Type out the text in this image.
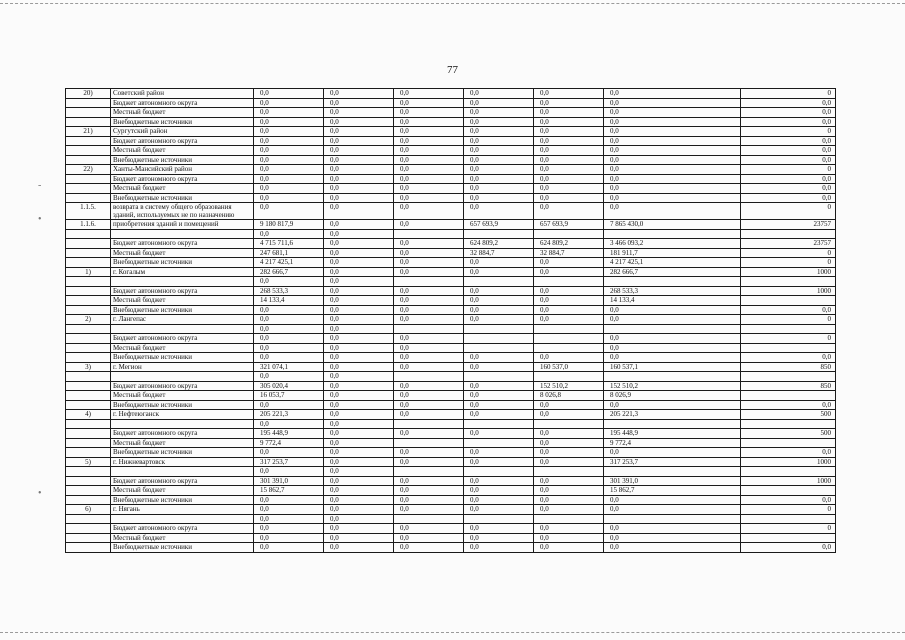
77
-
•
•
20)	Советский район	0,0	0,0	0,0	0,0	0,0	0,0	0
	Бюджет автономного округа	0,0	0,0	0,0	0,0	0,0	0,0	0,0
	Местный бюджет	0,0	0,0	0,0	0,0	0,0	0,0	0,0
	Внебюджетные источники	0,0	0,0	0,0	0,0	0,0	0,0	0,0
21)	Сургутский район	0,0	0,0	0,0	0,0	0,0	0,0	0
	Бюджет автономного округа	0,0	0,0	0,0	0,0	0,0	0,0	0,0
	Местный бюджет	0,0	0,0	0,0	0,0	0,0	0,0	0,0
	Внебюджетные источники	0,0	0,0	0,0	0,0	0,0	0,0	0,0
22)	Ханты-Мансийский район	0,0	0,0	0,0	0,0	0,0	0,0	0
	Бюджет автономного округа	0,0	0,0	0,0	0,0	0,0	0,0	0,0
	Местный бюджет	0,0	0,0	0,0	0,0	0,0	0,0	0,0
	Внебюджетные источники	0,0	0,0	0,0	0,0	0,0	0,0	0,0
1.1.5.	возврата в систему общего образования зданий, используемых не по назначению	0,0	0,0	0,0	0,0	0,0	0,0	0
1.1.6.	приобретения зданий и помещений	9 180 817,9	0,0	0,0	657 693,9	657 693,9	7 865 430,0	23757
		0,0	0,0					
	Бюджет автономного округа	4 715 711,6	0,0	0,0	624 809,2	624 809,2	3 466 093,2	23757
	Местный бюджет	247 681,1	0,0	0,0	32 884,7	32 884,7	181 911,7	0
	Внебюджетные источники	4 217 425,1	0,0	0,0	0,0	0,0	4 217 425,1	0
1)	г. Когалым	282 666,7	0,0	0,0	0,0	0,0	282 666,7	1000
		0,0	0,0					
	Бюджет автономного округа	268 533,3	0,0	0,0	0,0	0,0	268 533,3	1000
	Местный бюджет	14 133,4	0,0	0,0	0,0	0,0	14 133,4	
	Внебюджетные источники	0,0	0,0	0,0	0,0	0,0	0,0	0,0
2)	г. Лангепас	0,0	0,0	0,0	0,0	0,0	0,0	0
		0,0	0,0					
	Бюджет автономного округа	0,0	0,0	0,0			0,0	0
	Местный бюджет	0,0	0,0	0,0			0,0	
	Внебюджетные источники	0,0	0,0	0,0	0,0	0,0	0,0	0,0
3)	г. Мегион	321 074,1	0,0	0,0	0,0	160 537,0	160 537,1	850
		0,0	0,0					
	Бюджет автономного округа	305 020,4	0,0	0,0	0,0	152 510,2	152 510,2	850
	Местный бюджет	16 053,7	0,0	0,0	0,0	8 026,8	8 026,9	
	Внебюджетные источники	0,0	0,0	0,0	0,0	0,0	0,0	0,0
4)	г. Нефтеюганск	205 221,3	0,0	0,0	0,0	0,0	205 221,3	500
		0,0	0,0					
	Бюджет автономного округа	195 448,9	0,0	0,0	0,0	0,0	195 448,9	500
	Местный бюджет	9 772,4	0,0			0,0	9 772,4	
	Внебюджетные источники	0,0	0,0	0,0	0,0	0,0	0,0	0,0
5)	г. Нижневартовск	317 253,7	0,0	0,0	0,0	0,0	317 253,7	1000
		0,0	0,0					
	Бюджет автономного округа	301 391,0	0,0	0,0	0,0	0,0	301 391,0	1000
	Местный бюджет	15 862,7	0,0	0,0	0,0	0,0	15 862,7	
	Внебюджетные источники	0,0	0,0	0,0	0,0	0,0	0,0	0,0
6)	г. Нягань	0,0	0,0	0,0	0,0	0,0	0,0	0
		0,0	0,0					
	Бюджет автономного округа	0,0	0,0	0,0	0,0	0,0	0,0	0
	Местный бюджет	0,0	0,0	0,0	0,0	0,0	0,0	
	Внебюджетные источники	0,0	0,0	0,0	0,0	0,0	0,0	0,0
